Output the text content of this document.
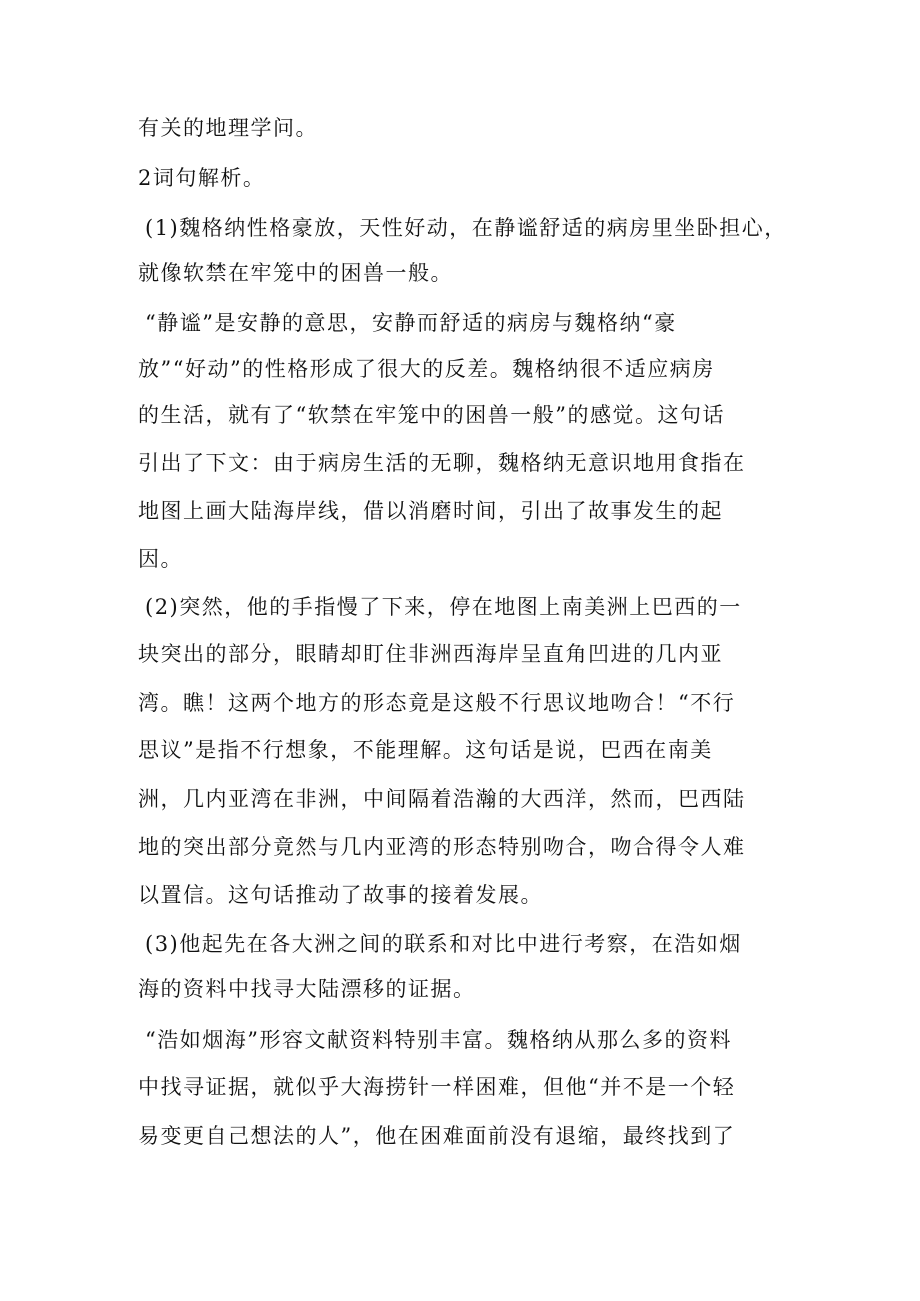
有关的地理学问。
2词句解析。
(1)魏格纳性格豪放，天性好动，在静谧舒适的病房里坐卧担心，
就像软禁在牢笼中的困兽一般。
“静谧”是安静的意思，安静而舒适的病房与魏格纳“豪
放”“好动”的性格形成了很大的反差。魏格纳很不适应病房
的生活，就有了“软禁在牢笼中的困兽一般”的感觉。这句话
引出了下文：由于病房生活的无聊，魏格纳无意识地用食指在
地图上画大陆海岸线，借以消磨时间，引出了故事发生的起
因。
(2)突然，他的手指慢了下来，停在地图上南美洲上巴西的一
块突出的部分，眼睛却盯住非洲西海岸呈直角凹进的几内亚
湾。瞧！这两个地方的形态竟是这般不行思议地吻合！“不行
思议”是指不行想象，不能理解。这句话是说，巴西在南美
洲，几内亚湾在非洲，中间隔着浩瀚的大西洋，然而，巴西陆
地的突出部分竟然与几内亚湾的形态特别吻合，吻合得令人难
以置信。这句话推动了故事的接着发展。
(3)他起先在各大洲之间的联系和对比中进行考察，在浩如烟
海的资料中找寻大陆漂移的证据。
“浩如烟海”形容文献资料特别丰富。魏格纳从那么多的资料
中找寻证据，就似乎大海捞针一样困难，但他“并不是一个轻
易变更自己想法的人”，他在困难面前没有退缩，最终找到了
